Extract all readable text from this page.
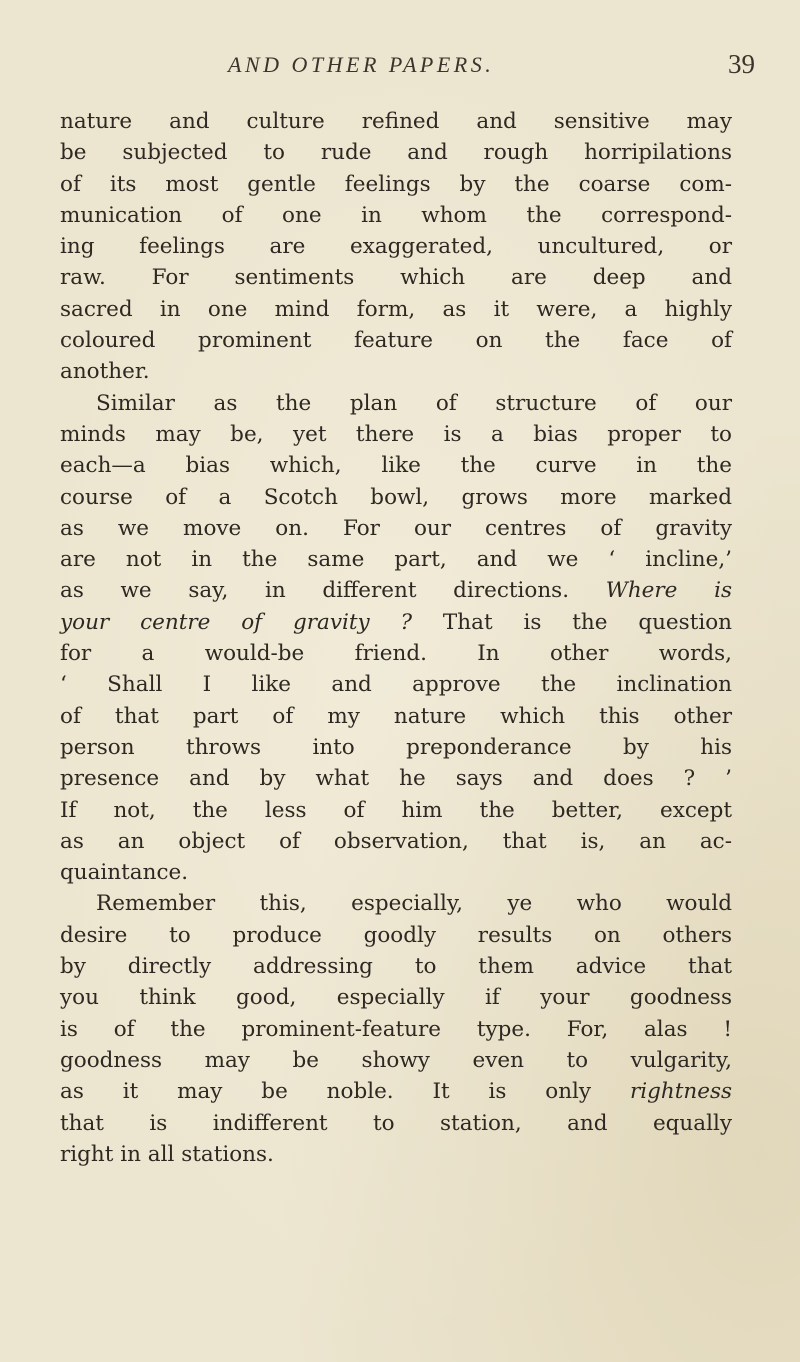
AND OTHER PAPERS.	39
nature and culture refined and sensitive may
be subjected to rude and rough horripilations
of its most gentle feelings by the coarse com-
munication of one in whom the correspond-
ing feelings are exaggerated, uncultured, or
raw. For sentiments which are deep and
sacred in one mind form, as it were, a highly
coloured prominent feature on the face of
another.
Similar as the plan of structure of our
minds may be, yet there is a bias proper to
each—a bias which, like the curve in the
course of a Scotch bowl, grows more marked
as we move on. For our centres of gravity
are not in the same part, and we ‘ incline,’
as we say, in different directions. Where is
your centre of gravity ? That is the question
for a would-be friend. In other words,
‘ Shall I like and approve the inclination
of that part of my nature which this other
person throws into preponderance by his
presence and by what he says and does ? ’
If not, the less of him the better, except
as an object of observation, that is, an ac-
quaintance.
Remember this, especially, ye who would
desire to produce goodly results on others
by directly addressing to them advice that
you think good, especially if your goodness
is of the prominent-feature type. For, alas !
goodness may be showy even to vulgarity,
as it may be noble. It is only rightness
that is indifferent to station, and equally
right in all stations.
